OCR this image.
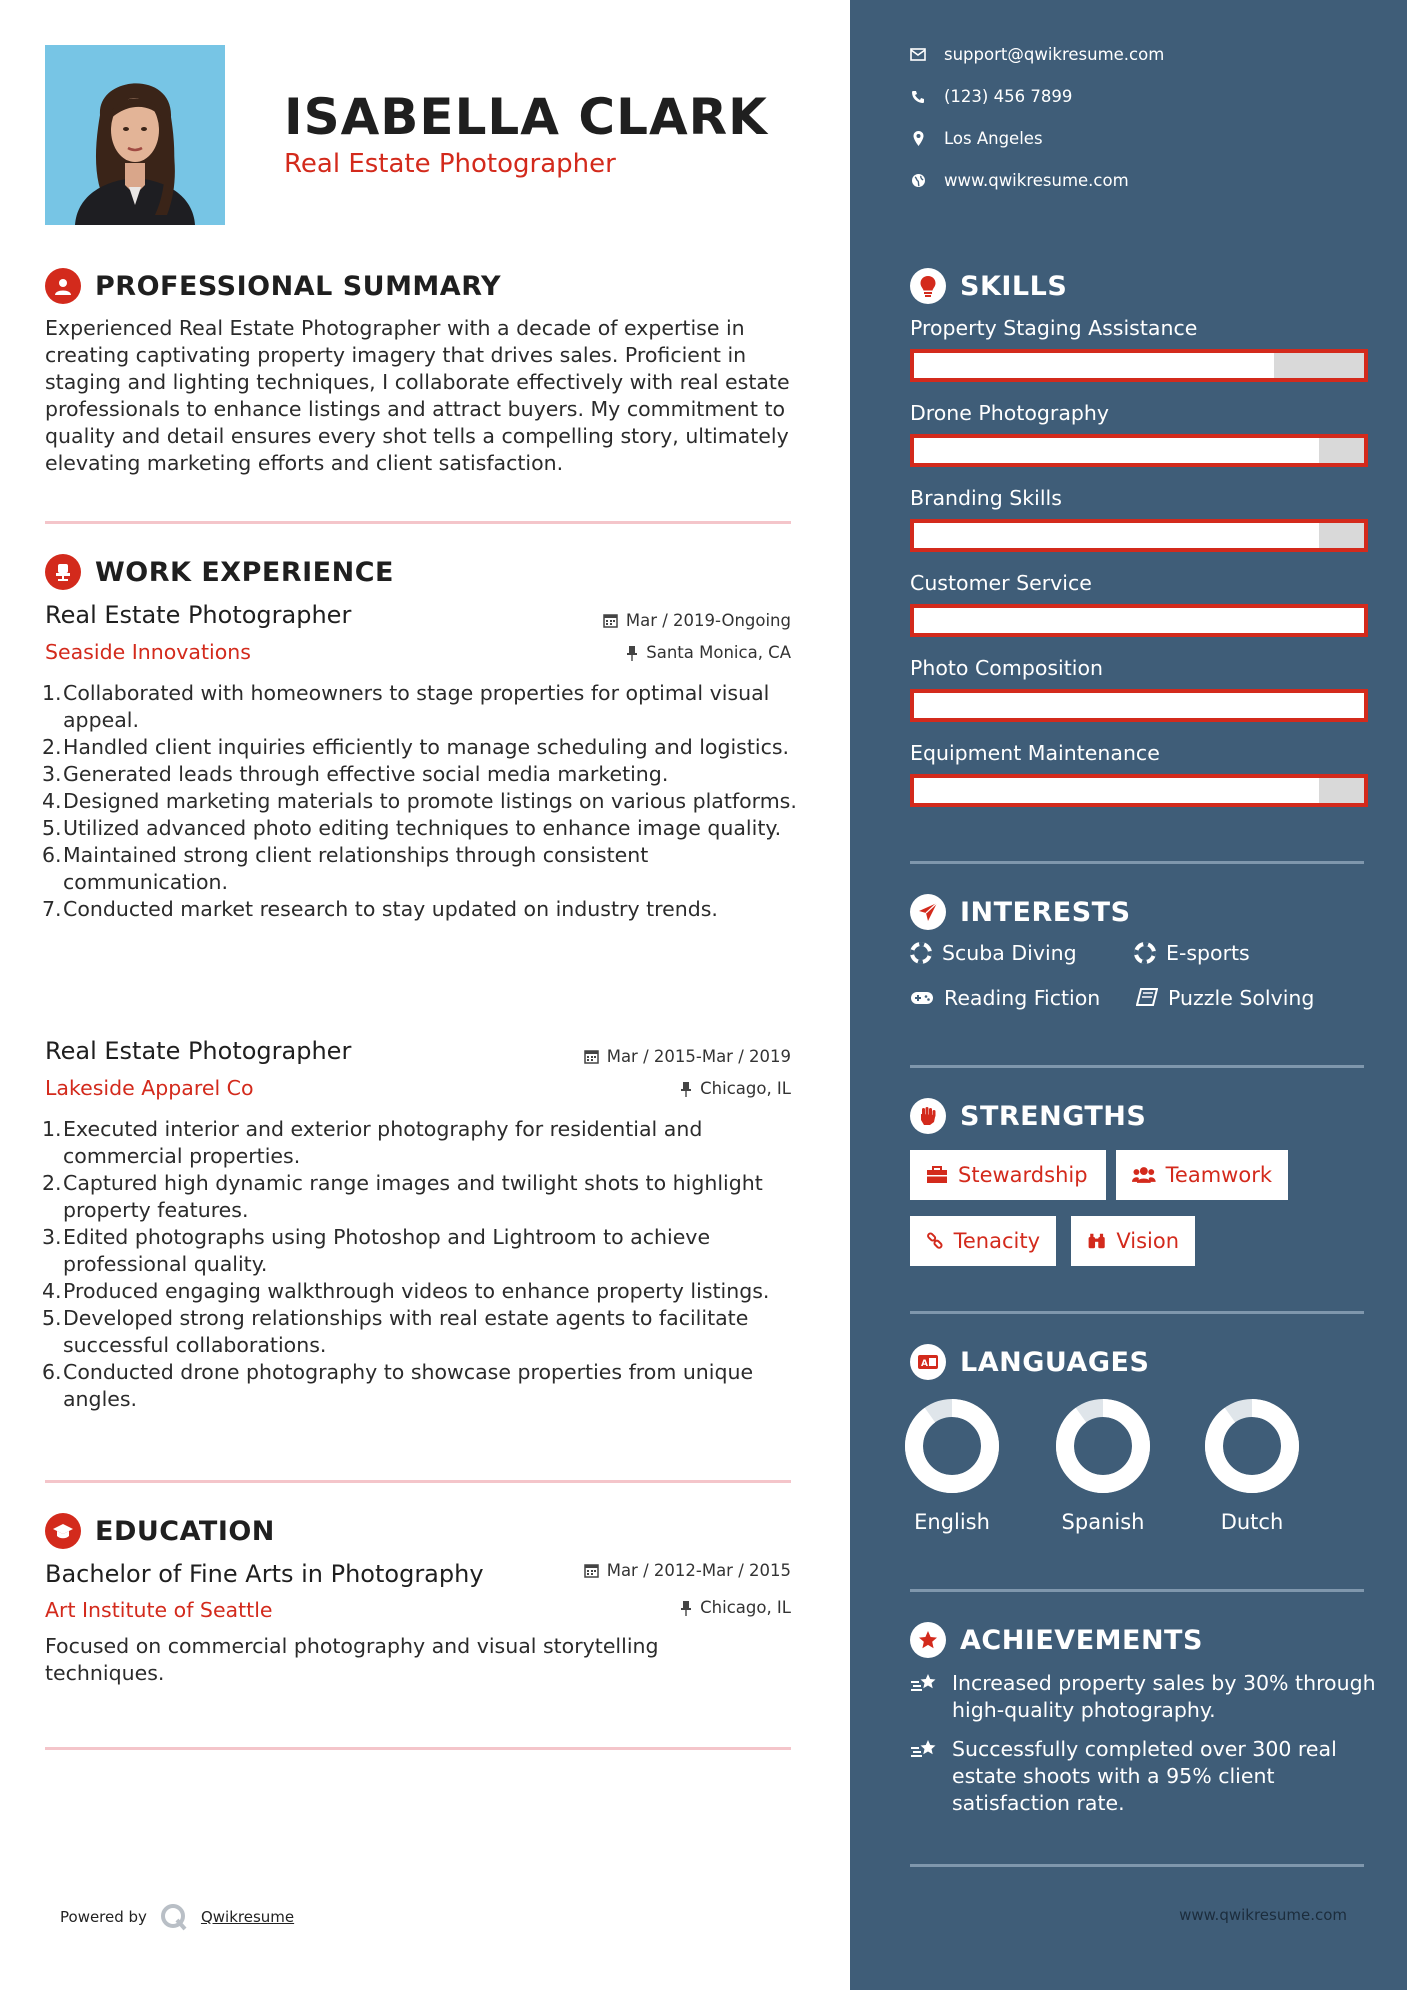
ISABELLA CLARK
Real Estate Photographer
PROFESSIONAL SUMMARY
Experienced Real Estate Photographer with a decade of expertise in creating captivating property imagery that drives sales. Proficient in staging and lighting techniques, I collaborate effectively with real estate professionals to enhance listings and attract buyers. My commitment to quality and detail ensures every shot tells a compelling story, ultimately elevating marketing efforts and client satisfaction.
WORK EXPERIENCE
Real Estate Photographer	Mar / 2019-Ongoing
Seaside Innovations	Santa Monica, CA
Collaborated with homeowners to stage properties for optimal visual appeal.
Handled client inquiries efficiently to manage scheduling and logistics.
Generated leads through effective social media marketing.
Designed marketing materials to promote listings on various platforms.
Utilized advanced photo editing techniques to enhance image quality.
Maintained strong client relationships through consistent communication.
Conducted market research to stay updated on industry trends.
Real Estate Photographer	Mar / 2015-Mar / 2019
Lakeside Apparel Co	Chicago, IL
Executed interior and exterior photography for residential and commercial properties.
Captured high dynamic range images and twilight shots to highlight property features.
Edited photographs using Photoshop and Lightroom to achieve professional quality.
Produced engaging walkthrough videos to enhance property listings.
Developed strong relationships with real estate agents to facilitate successful collaborations.
Conducted drone photography to showcase properties from unique angles.
EDUCATION
Bachelor of Fine Arts in Photography	Mar / 2012-Mar / 2015
Art Institute of Seattle	Chicago, IL
Focused on commercial photography and visual storytelling techniques.
Powered by	Qwikresume
support@qwikresume.com
(123) 456 7899
Los Angeles
www.qwikresume.com
SKILLS
Property Staging Assistance
Drone Photography
Branding Skills
Customer Service
Photo Composition
Equipment Maintenance
INTERESTS
Scuba Diving	E-sports
Reading Fiction	Puzzle Solving
STRENGTHS
Stewardship	Teamwork
Tenacity	Vision
A LANGUAGES
English	Spanish	Dutch
ACHIEVEMENTS
Increased property sales by 30% through high-quality photography.
Successfully completed over 300 real estate shoots with a 95% client satisfaction rate.
www.qwikresume.com
